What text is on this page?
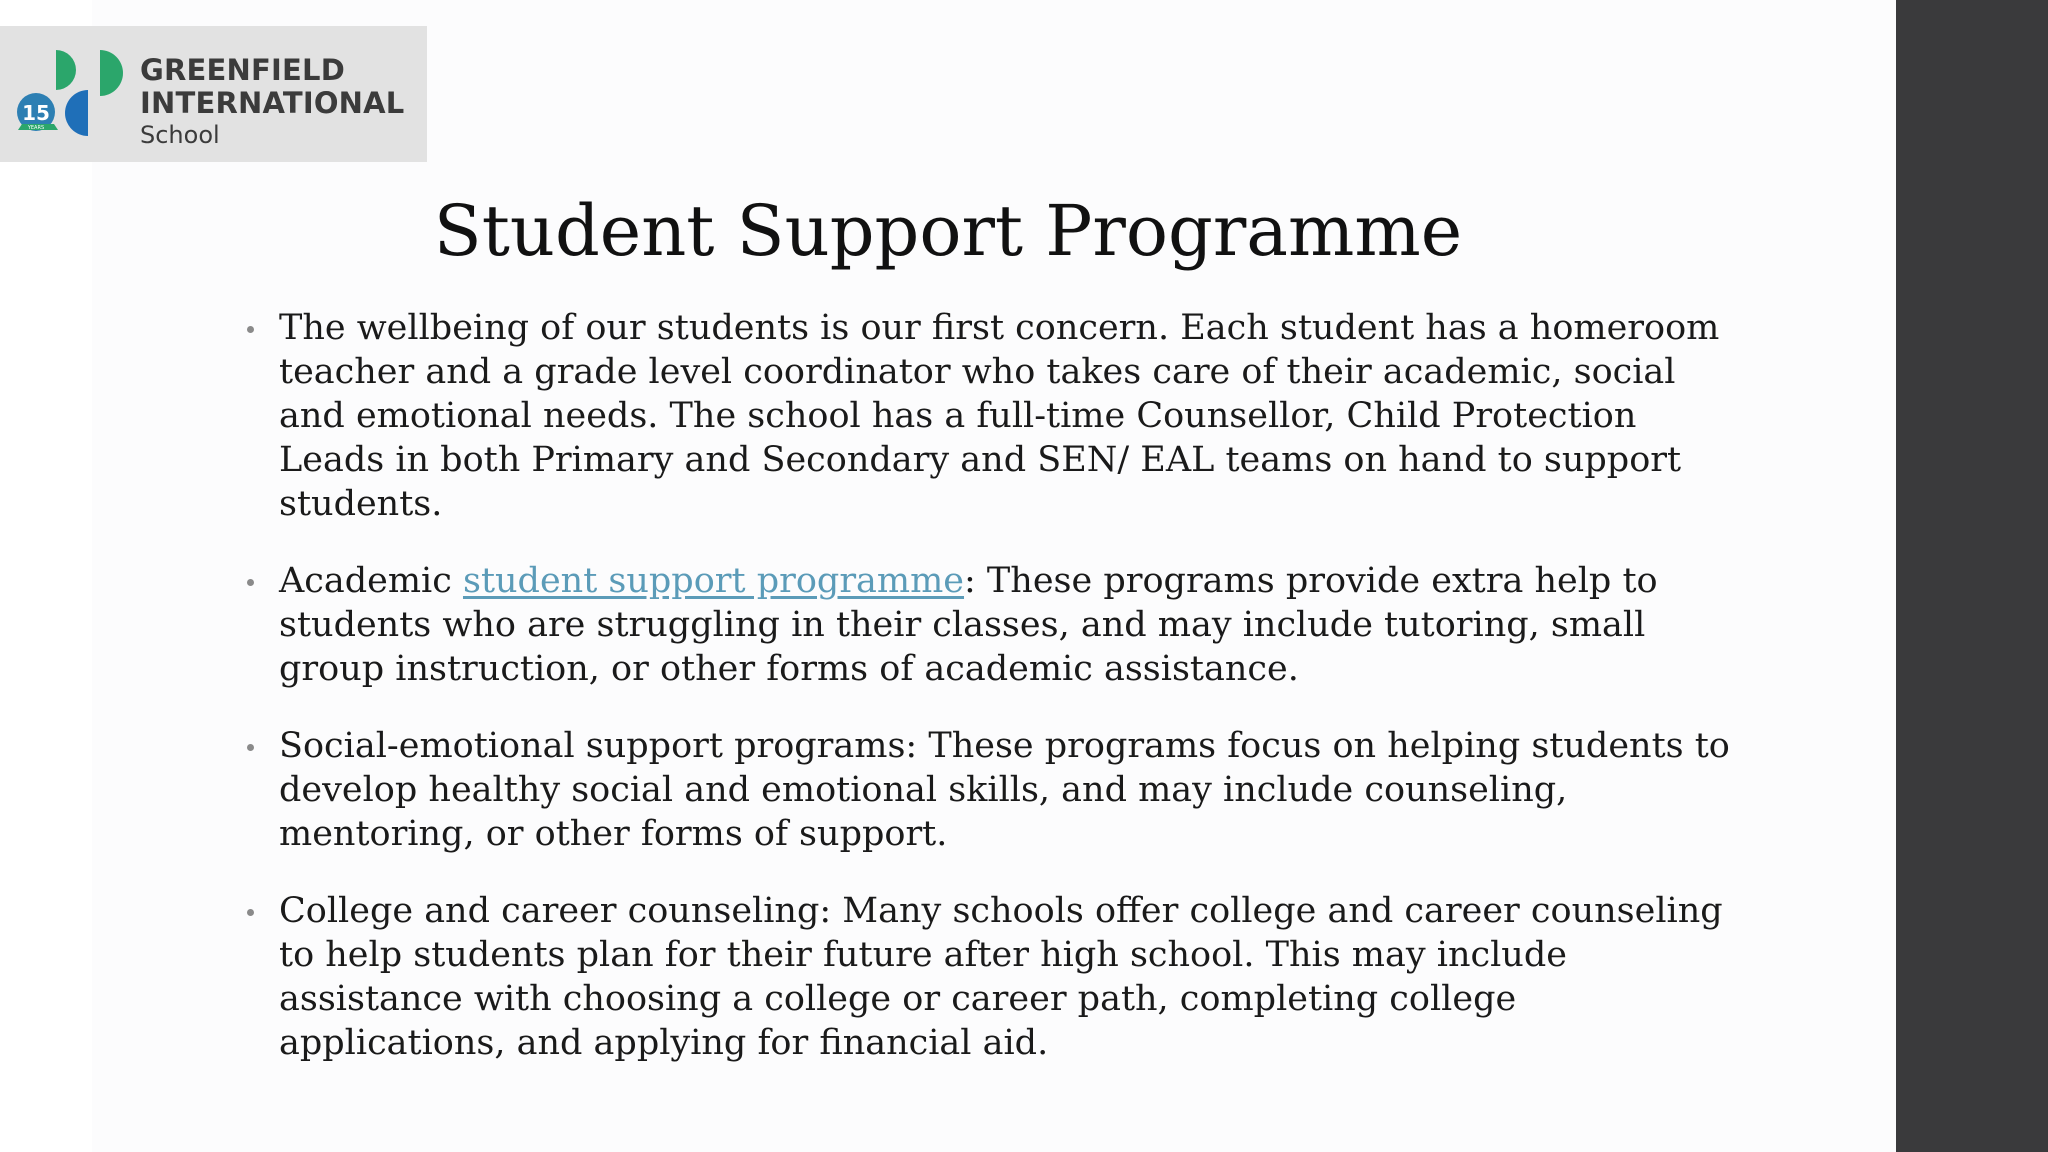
15
YEARS
GREENFIELD
INTERNATIONAL
School
Student Support Programme
The wellbeing of our students is our first concern. Each student has a homeroom
teacher and a grade level coordinator who takes care of their academic, social
and emotional needs. The school has a full-time Counsellor, Child Protection
Leads in both Primary and Secondary and SEN/ EAL teams on hand to support
students.
Academic student support programme: These programs provide extra help to
students who are struggling in their classes, and may include tutoring, small
group instruction, or other forms of academic assistance.
Social-emotional support programs: These programs focus on helping students to
develop healthy social and emotional skills, and may include counseling,
mentoring, or other forms of support.
College and career counseling: Many schools offer college and career counseling
to help students plan for their future after high school. This may include
assistance with choosing a college or career path, completing college
applications, and applying for financial aid.
